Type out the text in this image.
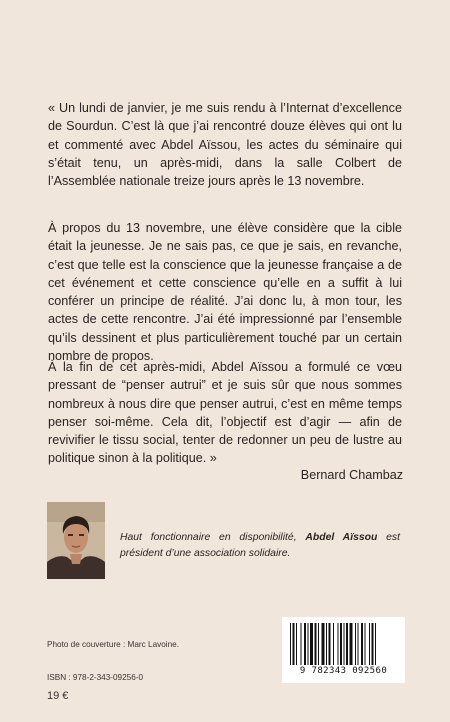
« Un lundi de janvier, je me suis rendu à l’Internat d’excellence de Sourdun. C’est là que j’ai rencontré douze élèves qui ont lu et commenté avec Abdel Aïssou, les actes du séminaire qui s’était tenu, un après-midi, dans la salle Colbert de l’Assemblée nationale treize jours après le 13 novembre.

À propos du 13 novembre, une élève considère que la cible était la jeunesse. Je ne sais pas, ce que je sais, en revanche, c’est que telle est la conscience que la jeunesse française a de cet événement et cette conscience qu’elle en a suffit à lui conférer un principe de réalité. J’ai donc lu, à mon tour, les actes de cette rencontre. J’ai été impressionné par l’ensemble qu’ils dessinent et plus particulièrement touché par un certain nombre de propos.

À la fin de cet après-midi, Abdel Aïssou a formulé ce vœu pressant de “penser autrui” et je suis sûr que nous sommes nombreux à nous dire que penser autrui, c’est en même temps penser soi-même. Cela dit, l’objectif est d’agir — afin de revivifier le tissu social, tenter de redonner un peu de lustre au politique sinon à la politique. »

Bernard Chambaz

Haut fonctionnaire en disponibilité, Abdel Aïssou est président d’une association solidaire.

Photo de couverture : Marc Lavoine.

ISBN : 978-2-343-09256-0

19 €

9 782343 092560
